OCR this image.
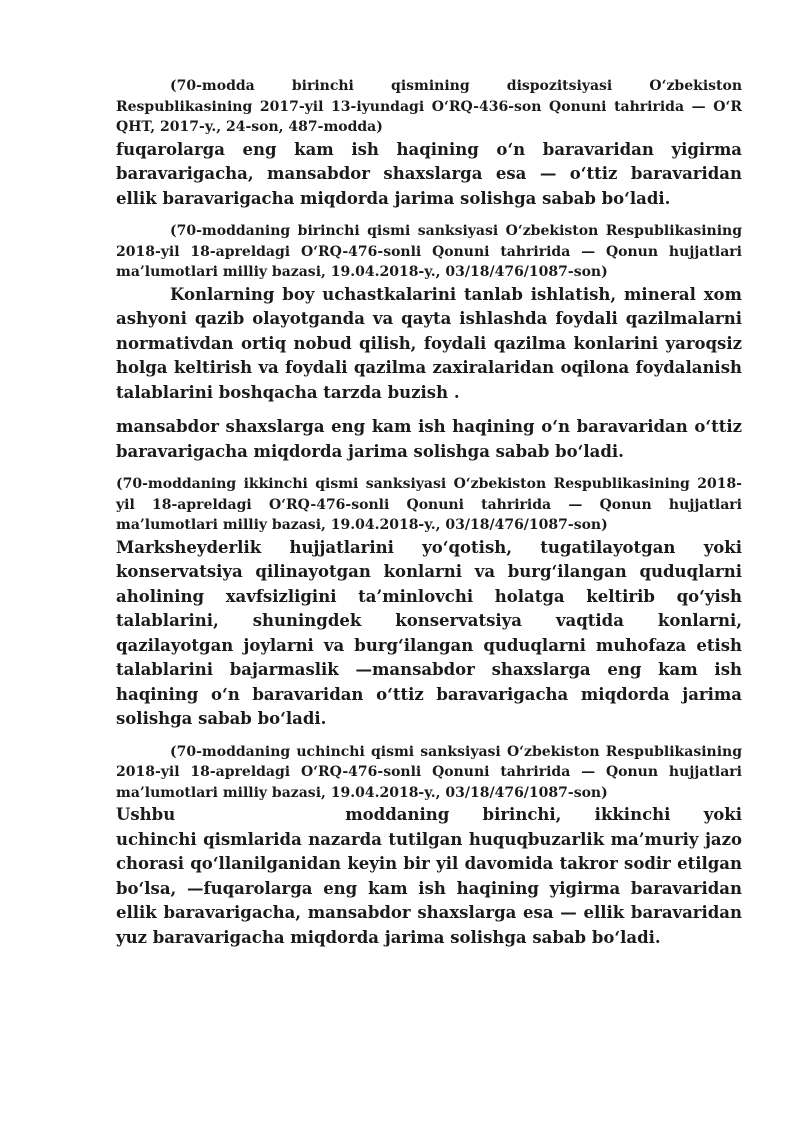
(70-modda birinchi qismining dispozitsiyasi O‘zbekiston Respublikasining 2017-yil 13-iyundagi O‘RQ-436-son Qonuni tahririda — O‘R QHT, 2017-y., 24-son, 487-modda)

fuqarolarga eng kam ish haqining o‘n baravaridan yigirma baravarigacha, mansabdor shaxslarga esa — o‘ttiz baravaridan ellik baravarigacha miqdorda jarima solishga sabab bo‘ladi.

(70-moddaning birinchi qismi sanksiyasi O‘zbekiston Respublikasining 2018-yil 18-apreldagi O‘RQ-476-sonli Qonuni tahririda — Qonun hujjatlari ma’lumotlari milliy bazasi, 19.04.2018-y., 03/18/476/1087-son)

Konlarning boy uchastkalarini tanlab ishlatish, mineral xom ashyoni qazib olayotganda va qayta ishlashda foydali qazilmalarni normativdan ortiq nobud qilish, foydali qazilma konlarini yaroqsiz holga keltirish va foydali qazilma zaxiralaridan oqilona foydalanish talablarini boshqacha tarzda buzish .

mansabdor shaxslarga eng kam ish haqining o‘n baravaridan o‘ttiz baravarigacha miqdorda jarima solishga sabab bo‘ladi.

(70-moddaning ikkinchi qismi sanksiyasi O‘zbekiston Respublikasining 2018-yil 18-apreldagi O‘RQ-476-sonli Qonuni tahririda — Qonun hujjatlari ma’lumotlari milliy bazasi, 19.04.2018-y., 03/18/476/1087-son)

Marksheyderlik hujjatlarini yo‘qotish, tugatilayotgan yoki konservatsiya qilinayotgan konlarni va burg‘ilangan quduqlarni aholining xavfsizligini ta’minlovchi holatga keltirib qo‘yish talablarini, shuningdek konservatsiya vaqtida konlarni, qazilayotgan joylarni va burg‘ilangan quduqlarni muhofaza etish talablarini bajarmaslik —mansabdor shaxslarga eng kam ish haqining o‘n baravaridan o‘ttiz baravarigacha miqdorda jarima solishga sabab bo‘ladi.

(70-moddaning uchinchi qismi sanksiyasi O‘zbekiston Respublikasining 2018-yil 18-apreldagi O‘RQ-476-sonli Qonuni tahririda — Qonun hujjatlari ma’lumotlari milliy bazasi, 19.04.2018-y., 03/18/476/1087-son)

Ushbu	moddaning birinchi, ikkinchi yoki uchinchi qismlarida nazarda tutilgan huquqbuzarlik ma’muriy jazo chorasi qo‘llanilganidan keyin bir yil davomida takror sodir etilgan bo‘lsa, —fuqarolarga eng kam ish haqining yigirma baravaridan ellik baravarigacha, mansabdor shaxslarga esa — ellik baravaridan yuz baravarigacha miqdorda jarima solishga sabab bo‘ladi.
